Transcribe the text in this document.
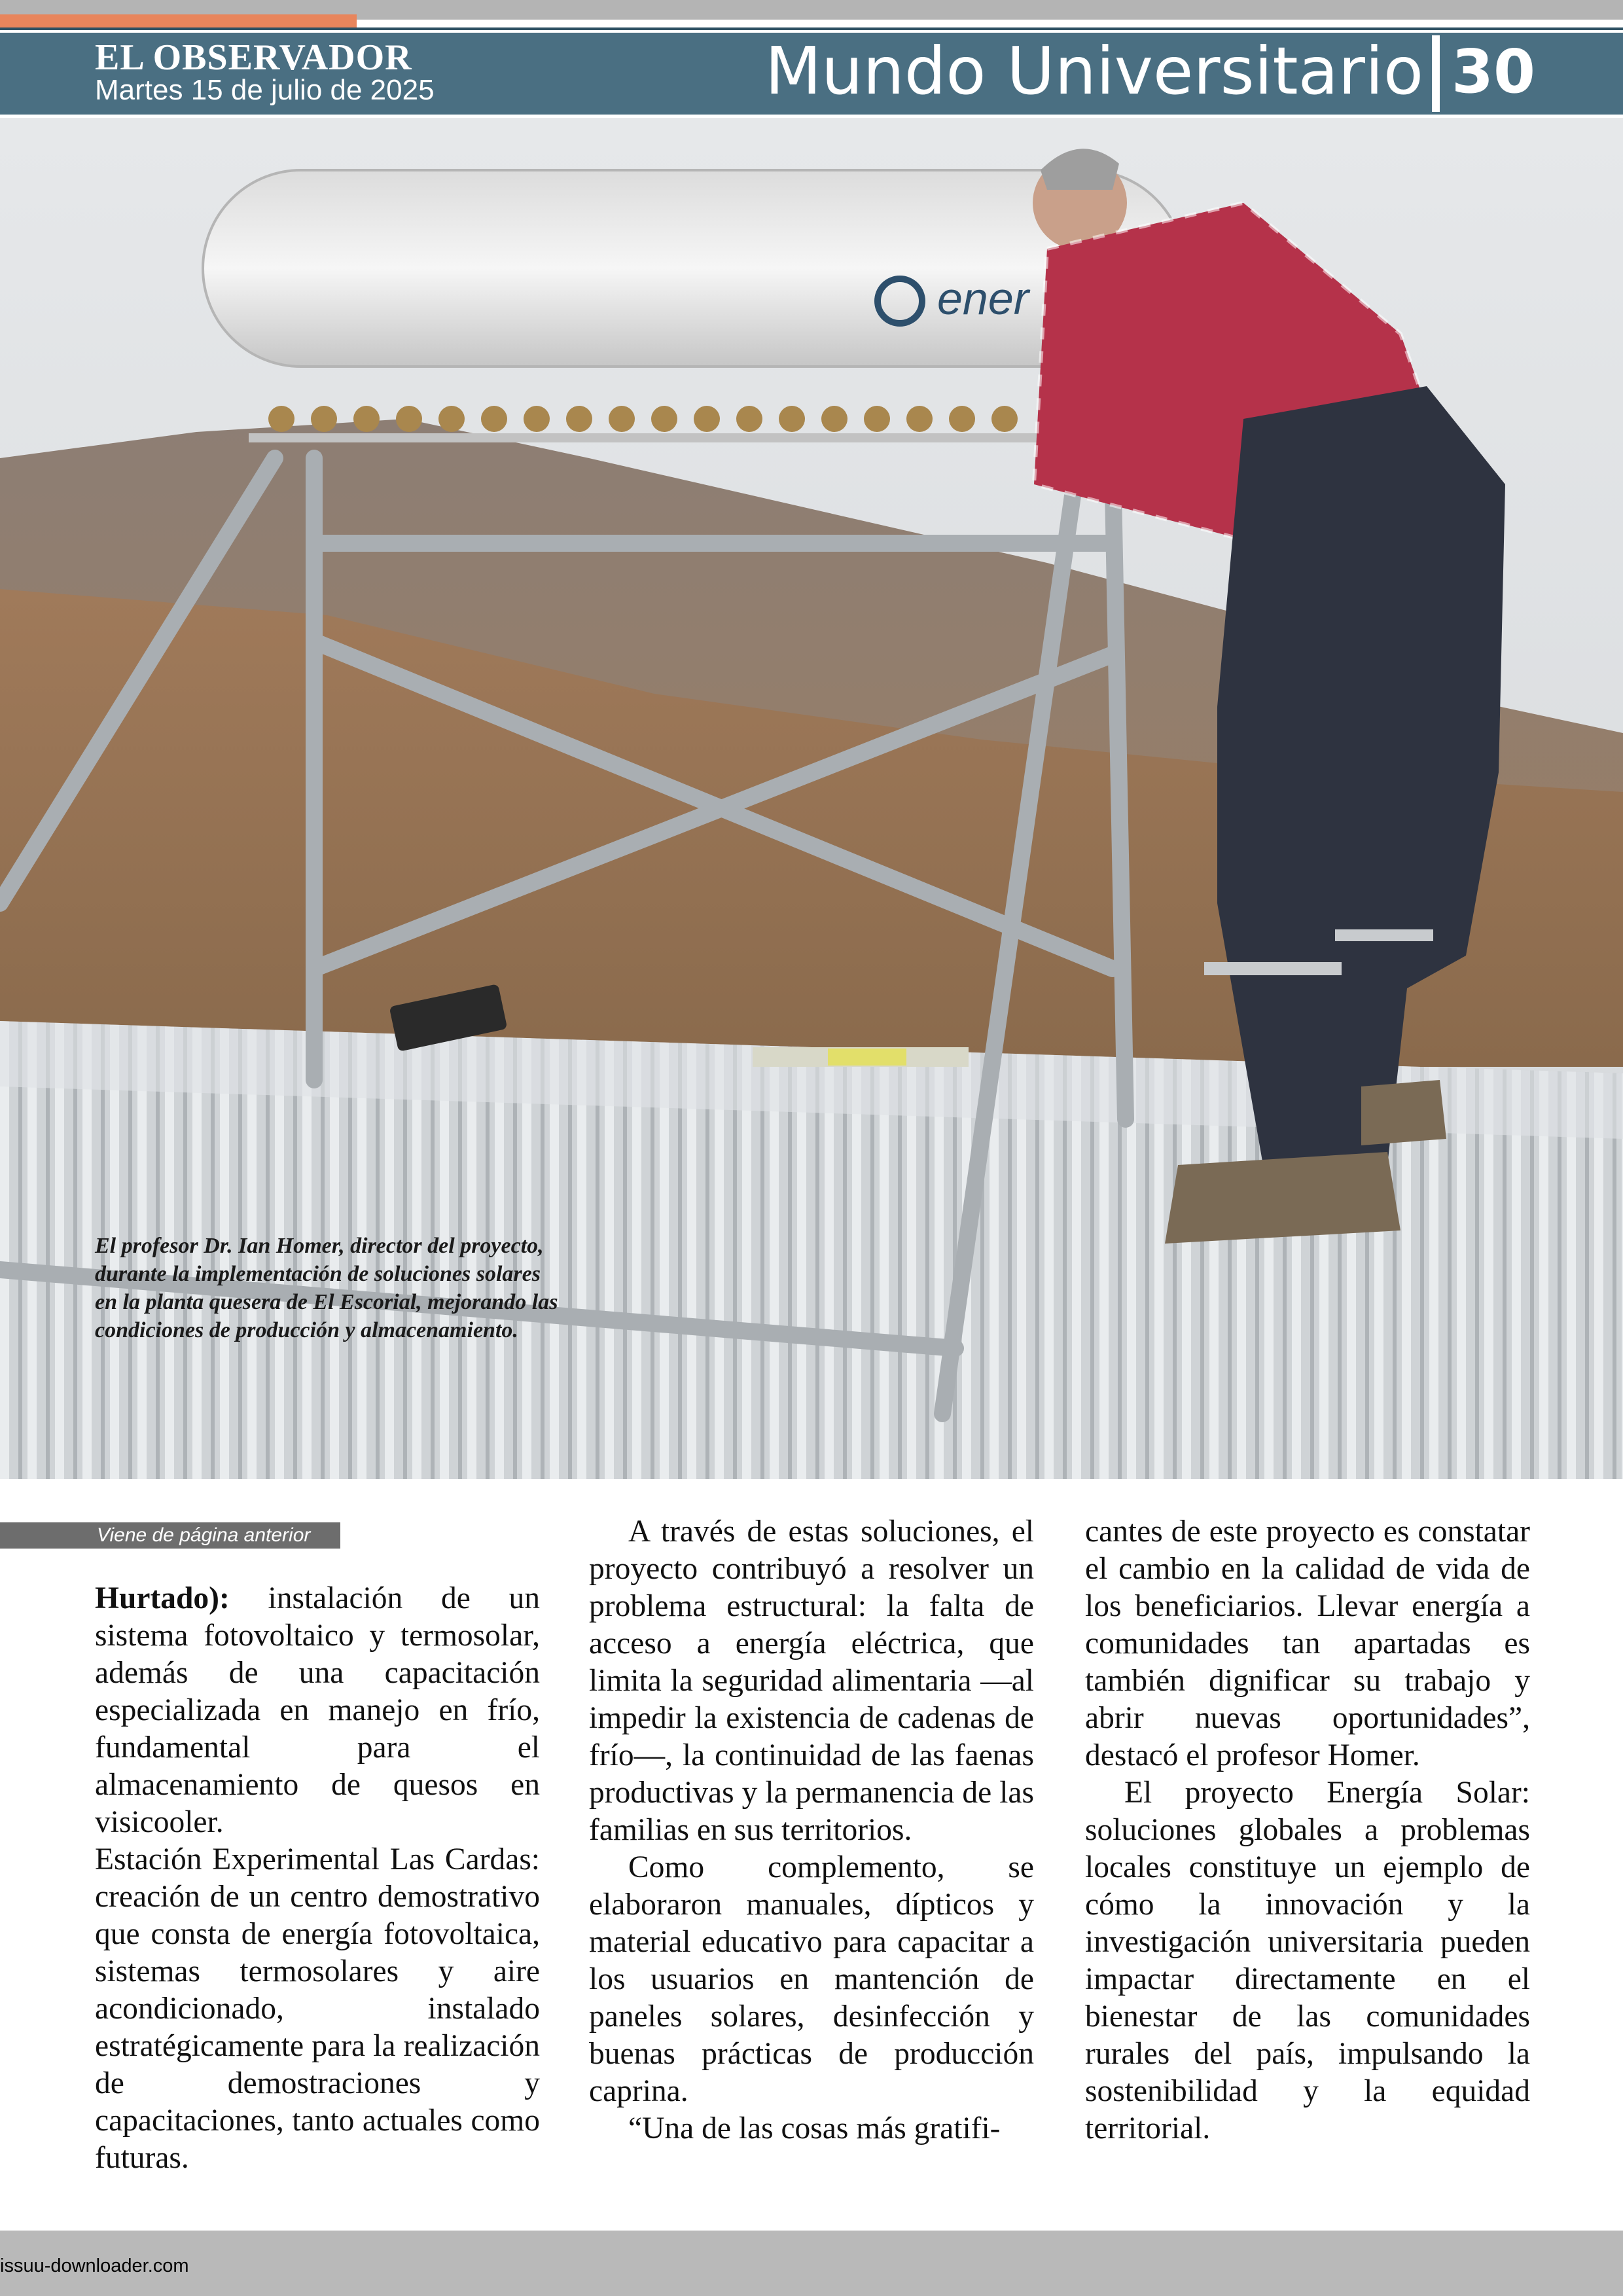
EL OBSERVADOR

Martes 15 de julio de 2025	Mundo Universitario 30

ener

El profesor Dr. Ian Homer, director del proyecto, durante la implementación de soluciones solares en la planta quesera de El Escorial, mejorando las condiciones de producción y almacenamiento.

Viene de página anterior

Hurtado): instalación de un sistema fotovoltaico y termosolar, además de una capacitación especializada en manejo en frío, fundamental para el almacenamiento de quesos en visicooler.

Estación Experimental Las Cardas: creación de un centro demostrativo que consta de energía fotovoltaica, sistemas termosolares y aire acondicionado, instalado estratégicamente para la realización de demostraciones y capacitaciones, tanto actuales como futuras.

A través de estas soluciones, el proyecto contribuyó a resolver un problema estructural: la falta de acceso a energía eléctrica, que limita la seguridad alimentaria —al impedir la existencia de cadenas de frío—, la continuidad de las faenas productivas y la permanencia de las familias en sus territorios.

Como complemento, se elaboraron manuales, dípticos y material educativo para capacitar a los usuarios en mantención de paneles solares, desinfección y buenas prácticas de producción caprina.

“Una de las cosas más gratifi-

cantes de este proyecto es constatar el cambio en la calidad de vida de los beneficiarios. Llevar energía a comunidades tan apartadas es también dignificar su trabajo y abrir nuevas oportunidades”, destacó el profesor Homer.

El proyecto Energía Solar: soluciones globales a problemas locales constituye un ejemplo de cómo la innovación y la investigación universitaria pueden impactar directamente en el bienestar de las comunidades rurales del país, impulsando la sostenibilidad y la equidad territorial.

issuu-downloader.com
